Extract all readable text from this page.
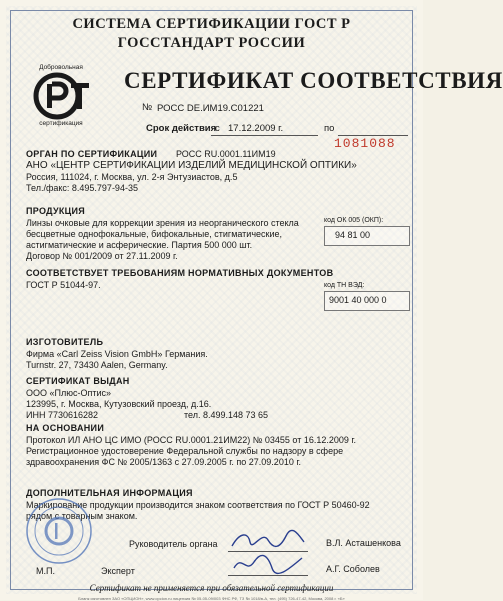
СИСТЕМА СЕРТИФИКАЦИИ ГОСТ Р
ГОССТАНДАРТ РОССИИ
Добровольная
сертификация
СЕРТИФИКАТ СООТВЕТСТВИЯ
№ РОСС DE.ИМ19.C01221
Срок действия
с 17.12.2009 г.	по
1081088
ОРГАН ПО СЕРТИФИКАЦИИ РОСС RU.0001.11ИМ19
АНО «ЦЕНТР СЕРТИФИКАЦИИ ИЗДЕЛИЙ МЕДИЦИНСКОЙ ОПТИКИ»
Россия, 111024, г. Москва, ул. 2-я Энтузиастов, д.5
Тел./факс: 8.495.797-94-35
ПРОДУКЦИЯ
Линзы очковые для коррекции зрения из неорганического стекла
бесцветные однофокальные, бифокальные, стигматические,
астигматические и асферические. Партия 500 000 шт.
Договор № 001/2009 от 27.11.2009 г.
код ОК 005 (ОКП):
94 81 00
СООТВЕТСТВУЕТ ТРЕБОВАНИЯМ НОРМАТИВНЫХ ДОКУМЕНТОВ
ГОСТ Р 51044-97.	код ТН ВЭД:
9001 40 000 0
ИЗГОТОВИТЕЛЬ
Фирма «Carl Zeiss Vision GmbH» Германия.
Turnstr. 27, 73430 Aalen, Germany.
СЕРТИФИКАТ ВЫДАН
ООО «Плюс-Оптис»
123995, г. Москва, Кутузовский проезд, д.16.
ИНН 7730616282	тел. 8.499.148 73 65
НА ОСНОВАНИИ
Протокол ИЛ АНО ЦС ИМО (РОСС RU.0001.21ИМ22) № 03455 от 16.12.2009 г.
Регистрационное удостоверение Федеральной службы по надзору в сфере
здравоохранения ФС № 2005/1363 с 27.09.2005 г. по 27.09.2010 г.
ДОПОЛНИТЕЛЬНАЯ ИНФОРМАЦИЯ
Маркирование продукции производится знаком соответствия по ГОСТ Р 50460-92
рядом с товарным знаком.
Руководитель органа	В.Л. Асташенкова
М.П.	Эксперт	А.Г. Соболев
Сертификат не применяется при обязательной сертификации
Бланк изготовлен ЗАО «ОПЦИОН», www.opcion.ru лицензия № 05-05-09/003 ФНС РФ, ТЗ № 1018/в-А, тел. (495) 726-47-42, Москва, 2008 г. «Б»
